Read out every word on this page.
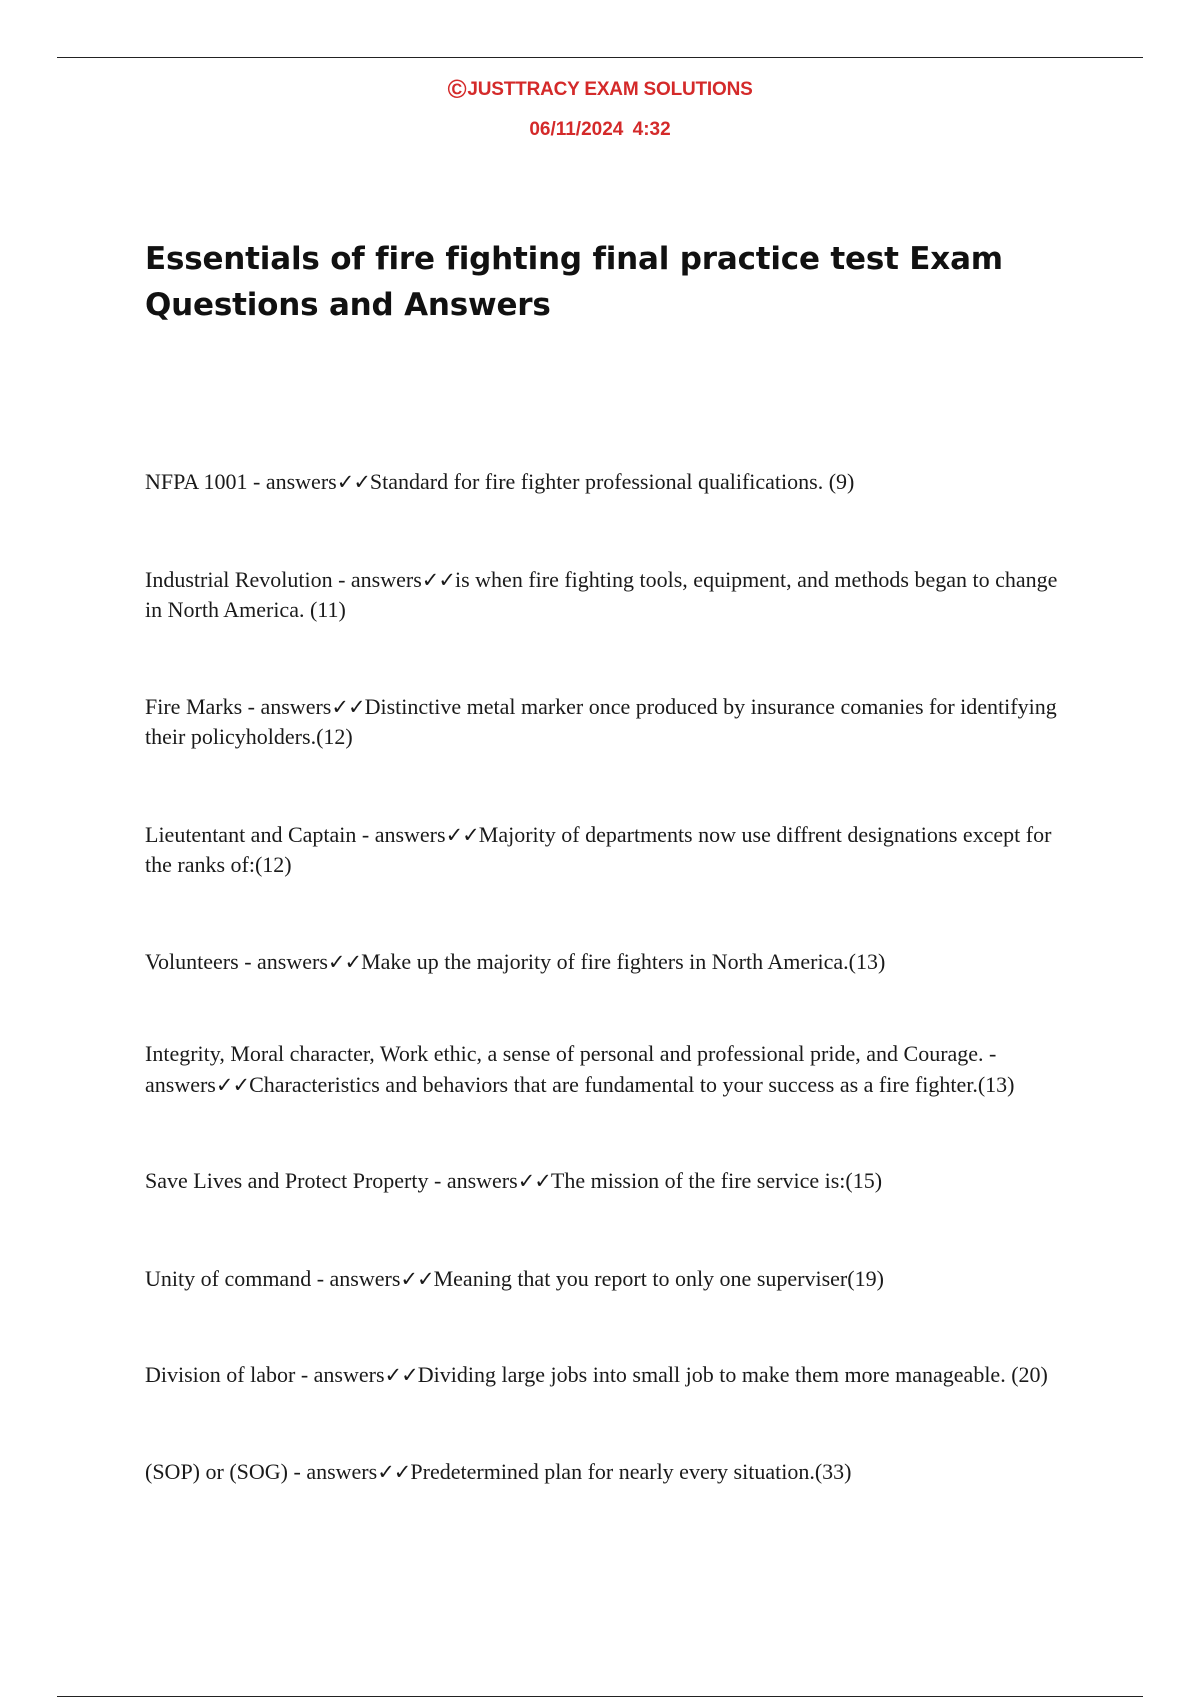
©JUSTTRACY EXAM SOLUTIONS
06/11/2024 4:32
Essentials of fire fighting final practice test Exam Questions and Answers
NFPA 1001 - answers✓✓Standard for fire fighter professional qualifications. (9)
Industrial Revolution - answers✓✓is when fire fighting tools, equipment, and methods began to change in North America. (11)
Fire Marks - answers✓✓Distinctive metal marker once produced by insurance comanies for identifying their policyholders.(12)
Lieutentant and Captain - answers✓✓Majority of departments now use diffrent designations except for the ranks of:(12)
Volunteers - answers✓✓Make up the majority of fire fighters in North America.(13)
Integrity, Moral character, Work ethic, a sense of personal and professional pride, and Courage. - answers✓✓Characteristics and behaviors that are fundamental to your success as a fire fighter.(13)
Save Lives and Protect Property - answers✓✓The mission of the fire service is:(15)
Unity of command - answers✓✓Meaning that you report to only one superviser(19)
Division of labor - answers✓✓Dividing large jobs into small job to make them more manageable. (20)
(SOP) or (SOG) - answers✓✓Predetermined plan for nearly every situation.(33)
